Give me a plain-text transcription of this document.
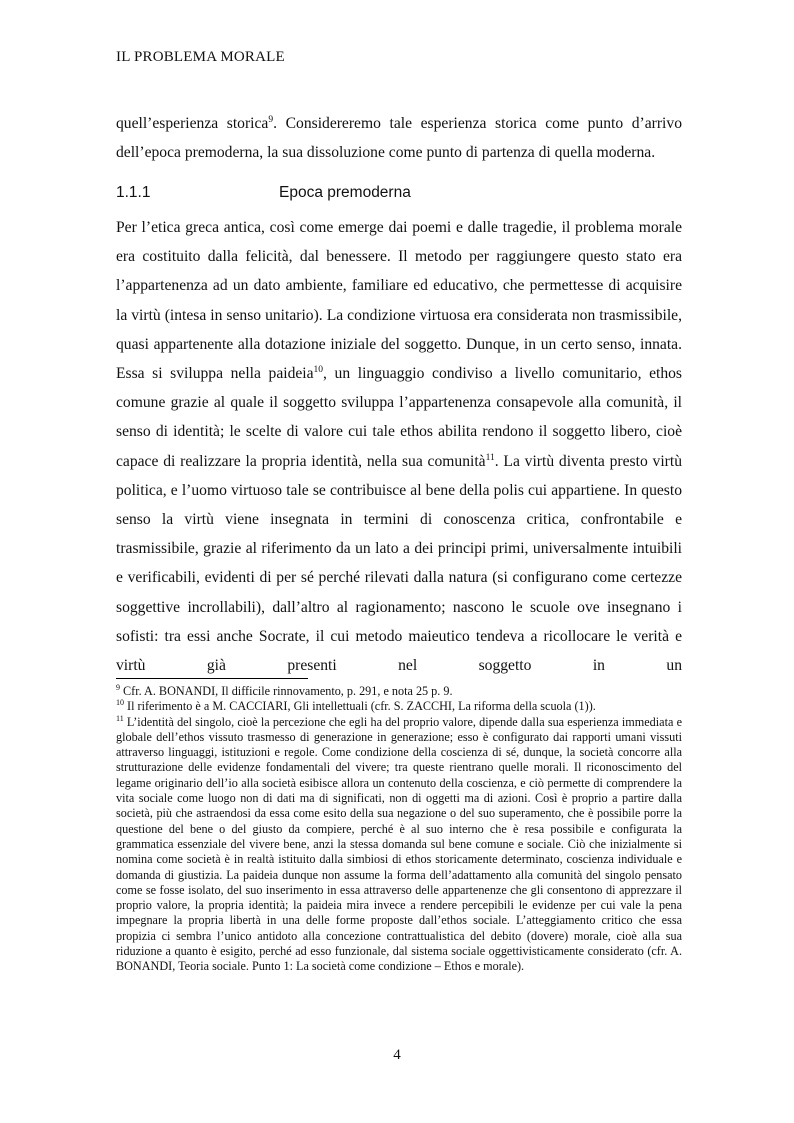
IL PROBLEMA MORALE

quell’esperienza storica$^9$. Considereremo tale esperienza storica come punto d’arrivo dell’epoca premoderna, la sua dissoluzione come punto di partenza di quella moderna.

1.1.1	Epoca premoderna

Per l’etica greca antica, così come emerge dai poemi e dalle tragedie, il problema morale era costituito dalla felicità, dal benessere. Il metodo per raggiungere questo stato era l’appartenenza ad un dato ambiente, familiare ed educativo, che permettesse di acquisire la virtù (intesa in senso unitario). La condizione virtuosa era considerata non trasmissibile, quasi appartenente alla dotazione iniziale del soggetto. Dunque, in un certo senso, innata. Essa si sviluppa nella paideia$^{10}$, un linguaggio condiviso a livello comunitario, ethos comune grazie al quale il soggetto sviluppa l’appartenenza consapevole alla comunità, il senso di identità; le scelte di valore cui tale ethos abilita rendono il soggetto libero, cioè capace di realizzare la propria identità, nella sua comunità$^{11}$. La virtù diventa presto virtù politica, e l’uomo virtuoso tale se contribuisce al bene della polis cui appartiene. In questo senso la virtù viene insegnata in termini di conoscenza critica, confrontabile e trasmissibile, grazie al riferimento da un lato a dei principi primi, universalmente intuibili e verificabili, evidenti di per sé perché rilevati dalla natura (si configurano come certezze soggettive incrollabili), dall’altro al ragionamento; nascono le scuole ove insegnano i sofisti: tra essi anche Socrate, il cui metodo maieutico tendeva a ricollocare le verità e virtù già presenti nel soggetto in un

$^9$ Cfr. A. BONANDI, Il difficile rinnovamento, p. 291, e nota 25 p. 9.

$^{10}$ Il riferimento è a M. CACCIARI, Gli intellettuali (cfr. S. ZACCHI, La riforma della scuola (1)).

$^{11}$ L’identità del singolo, cioè la percezione che egli ha del proprio valore, dipende dalla sua esperienza immediata e globale dell’ethos vissuto trasmesso di generazione in generazione; esso è configurato dai rapporti umani vissuti attraverso linguaggi, istituzioni e regole. Come condizione della coscienza di sé, dunque, la società concorre alla strutturazione delle evidenze fondamentali del vivere; tra queste rientrano quelle morali. Il riconoscimento del legame originario dell’io alla società esibisce allora un contenuto della coscienza, e ciò permette di comprendere la vita sociale come luogo non di dati ma di significati, non di oggetti ma di azioni. Così è proprio a partire dalla società, più che astraendosi da essa come esito della sua negazione o del suo superamento, che è possibile porre la questione del bene o del giusto da compiere, perché è al suo interno che è resa possibile e configurata la grammatica essenziale del vivere bene, anzi la stessa domanda sul bene comune e sociale. Ciò che inizialmente si nomina come società è in realtà istituito dalla simbiosi di ethos storicamente determinato, coscienza individuale e domanda di giustizia. La paideia dunque non assume la forma dell’adattamento alla comunità del singolo pensato come se fosse isolato, del suo inserimento in essa attraverso delle appartenenze che gli consentono di apprezzare il proprio valore, la propria identità; la paideia mira invece a rendere percepibili le evidenze per cui vale la pena impegnare la propria libertà in una delle forme proposte dall’ethos sociale. L’atteggiamento critico che essa propizia ci sembra l’unico antidoto alla concezione contrattualistica del debito (dovere) morale, cioè alla sua riduzione a quanto è esigito, perché ad esso funzionale, dal sistema sociale oggettivisticamente considerato (cfr. A. BONANDI, Teoria sociale. Punto 1: La società come condizione – Ethos e morale).

4
